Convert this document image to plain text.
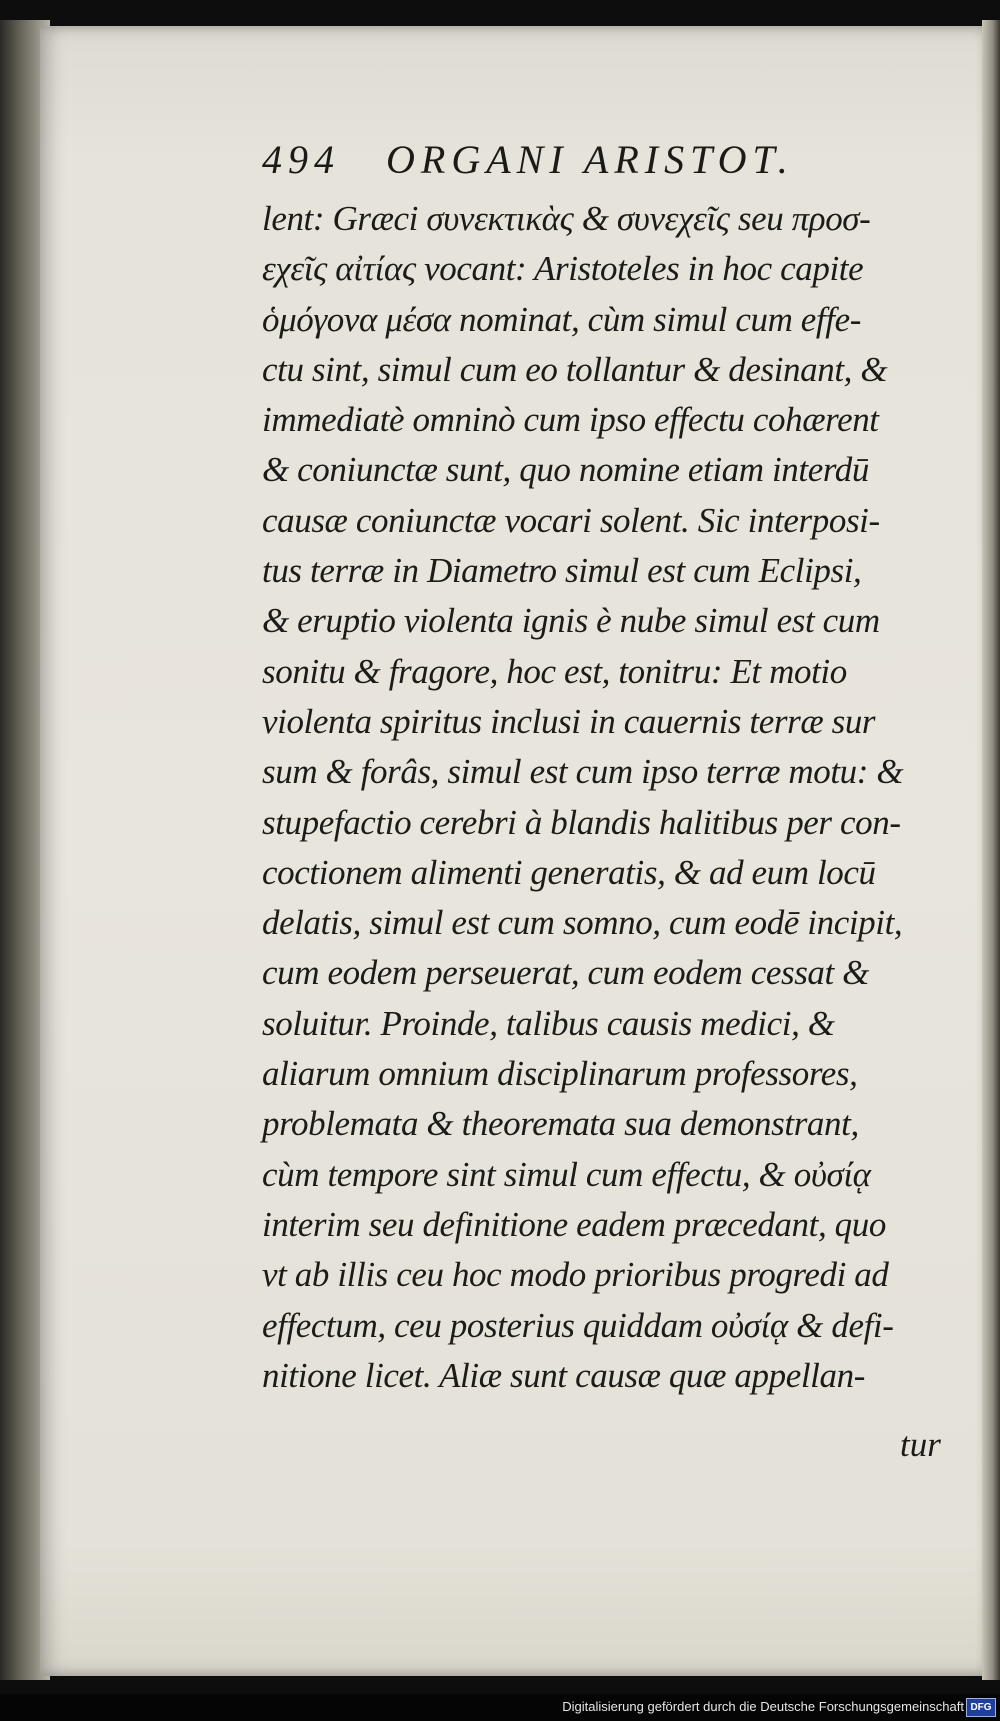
494 ORGANI ARISTOT.
lent: Græci συνεκτικὰς & συνεχεῖς seu προσ-
εχεῖς αἰτίας vocant: Aristoteles in hoc capite
ὁμόγονα μέσα nominat, cùm simul cum effe-
ctu sint, simul cum eo tollantur & desinant, &
immediatè omninò cum ipso effectu cohærent
& coniunctæ sunt, quo nomine etiam interdū
causæ coniunctæ vocari solent. Sic interposi-
tus terræ in Diametro simul est cum Eclipsi,
& eruptio violenta ignis è nube simul est cum
sonitu & fragore, hoc est, tonitru: Et motio
violenta spiritus inclusi in cauernis terræ sur
sum & forâs, simul est cum ipso terræ motu: &
stupefactio cerebri à blandis halitibus per con-
coctionem alimenti generatis, & ad eum locū
delatis, simul est cum somno, cum eodē incipit,
cum eodem perseuerat, cum eodem cessat &
soluitur. Proinde, talibus causis medici, &
aliarum omnium disciplinarum professores,
problemata & theoremata sua demonstrant,
cùm tempore sint simul cum effectu, & οὐσίᾳ
interim seu definitione eadem præcedant, quo
vt ab illis ceu hoc modo prioribus progredi ad
effectum, ceu posterius quiddam οὐσίᾳ & defi-
nitione licet. Aliæ sunt causæ quæ appellan-
tur
Digitalisierung gefördert durch die Deutsche Forschungsgemeinschaft DFG
